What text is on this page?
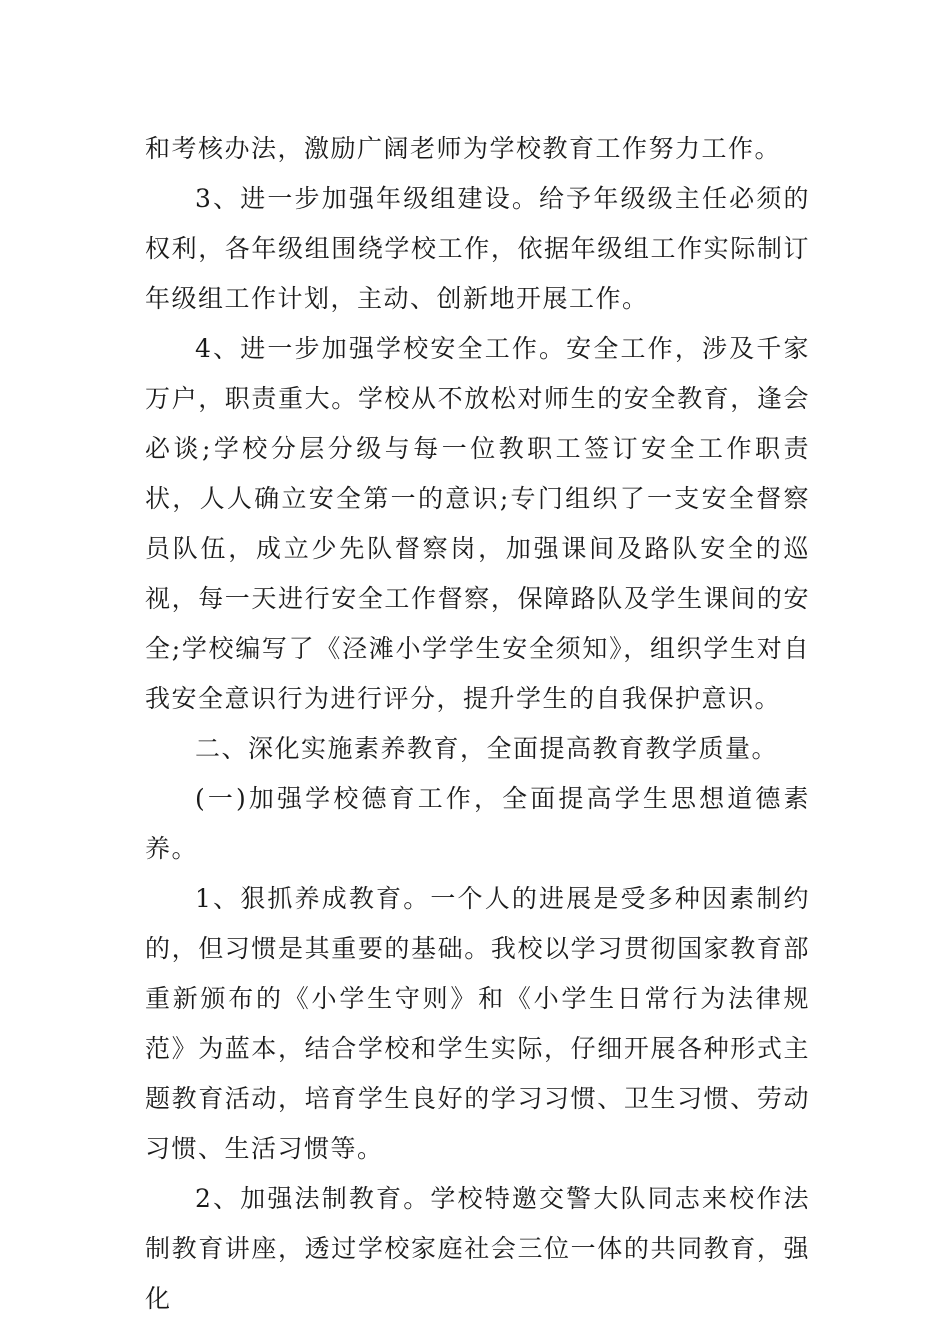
和考核办法，激励广阔老师为学校教育工作努力工作。

3、进一步加强年级组建设。给予年级级主任必须的权利，各年级组围绕学校工作，依据年级组工作实际制订年级组工作计划，主动、创新地开展工作。

4、进一步加强学校安全工作。安全工作，涉及千家万户，职责重大。学校从不放松对师生的安全教育，逢会必谈;学校分层分级与每一位教职工签订安全工作职责状，人人确立安全第一的意识;专门组织了一支安全督察员队伍，成立少先队督察岗，加强课间及路队安全的巡视，每一天进行安全工作督察，保障路队及学生课间的安全;学校编写了《泾滩小学学生安全须知》，组织学生对自我安全意识行为进行评分，提升学生的自我保护意识。

二、深化实施素养教育，全面提高教育教学质量。

(一)加强学校德育工作，全面提高学生思想道德素养。

1、狠抓养成教育。一个人的进展是受多种因素制约的，但习惯是其重要的基础。我校以学习贯彻国家教育部重新颁布的《小学生守则》和《小学生日常行为法律规范》为蓝本，结合学校和学生实际，仔细开展各种形式主题教育活动，培育学生良好的学习习惯、卫生习惯、劳动习惯、生活习惯等。

2、加强法制教育。学校特邀交警大队同志来校作法制教育讲座，透过学校家庭社会三位一体的共同教育，强化
